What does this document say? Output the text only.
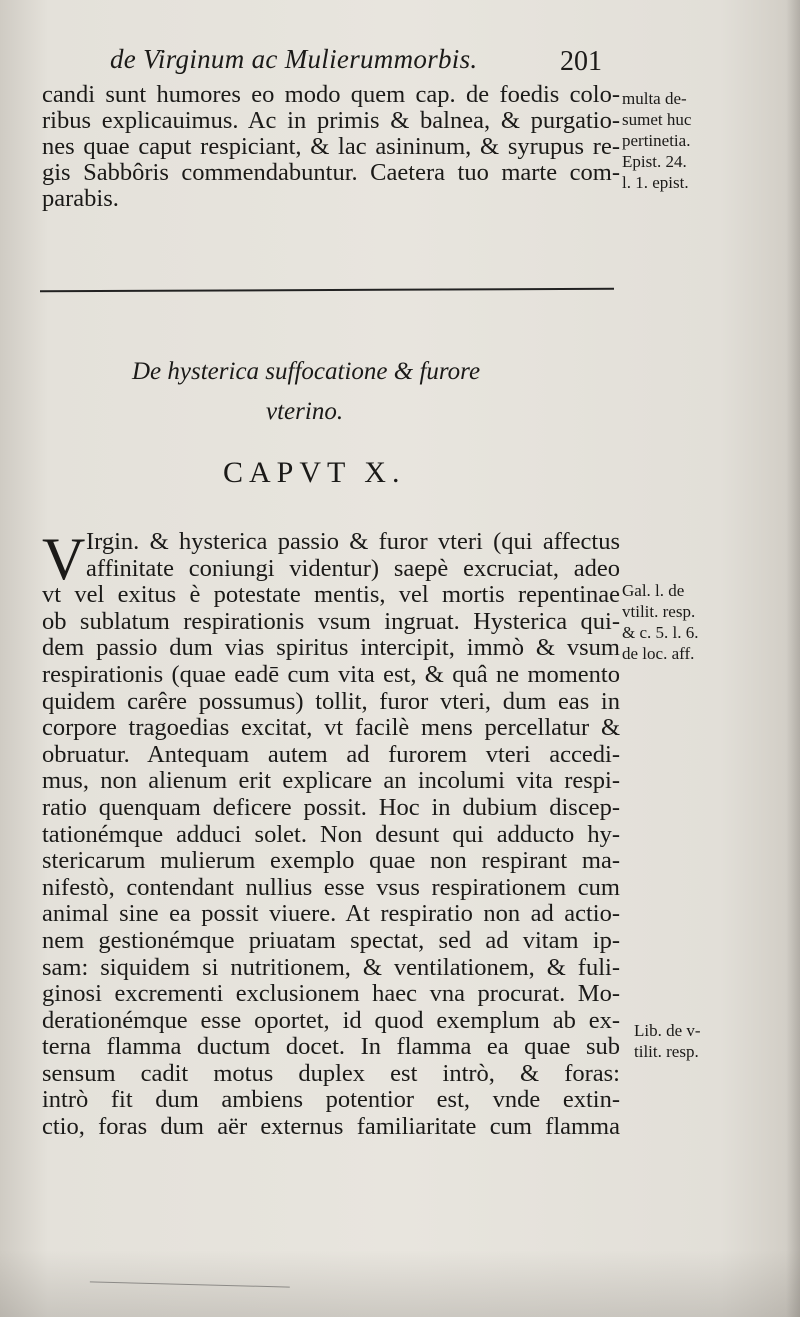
de Virginum ac Mulierummorbis.	201
candi sunt humores eo modo quem cap. de foedis colo-
ribus explicauimus. Ac in primis & balnea, & purgatio-
nes quae caput respiciant, & lac asininum, & syrupus re-
gis Sabbôris commendabuntur. Caetera tuo marte com-
parabis.
multa de-
sumet huc
pertinetia.
Epist. 24.
l. 1. epist.
De hysterica suffocatione & furore
vterino.
CAPVT X.
V Irgin. & hysterica passio & furor vteri (qui affectus
affinitate coniungi videntur) saepè excruciat, adeo
vt vel exitus è potestate mentis, vel mortis repentinae
ob sublatum respirationis vsum ingruat. Hysterica qui-
dem passio dum vias spiritus intercipit, immò & vsum
respirationis (quae eadē cum vita est, & quâ ne momento
quidem carêre possumus) tollit, furor vteri, dum eas in
corpore tragoedias excitat, vt facilè mens percellatur &
obruatur. Antequam autem ad furorem vteri accedi-
mus, non alienum erit explicare an incolumi vita respi-
ratio quenquam deficere possit. Hoc in dubium discep-
tationémque adduci solet. Non desunt qui adducto hy-
stericarum mulierum exemplo quae non respirant ma-
nifestò, contendant nullius esse vsus respirationem cum
animal sine ea possit viuere. At respiratio non ad actio-
nem gestionémque priuatam spectat, sed ad vitam ip-
sam: siquidem si nutritionem, & ventilationem, & fuli-
ginosi excrementi exclusionem haec vna procurat. Mo-
derationémque esse oportet, id quod exemplum ab ex-
terna flamma ductum docet. In flamma ea quae sub
sensum cadit motus duplex est intrò, & foras:
intrò fit dum ambiens potentior est, vnde extin-
ctio, foras dum aër externus familiaritate cum flamma
Gal. l. de
vtilit. resp.
& c. 5. l. 6.
de loc. aff.
Lib. de v-
tilit. resp.
